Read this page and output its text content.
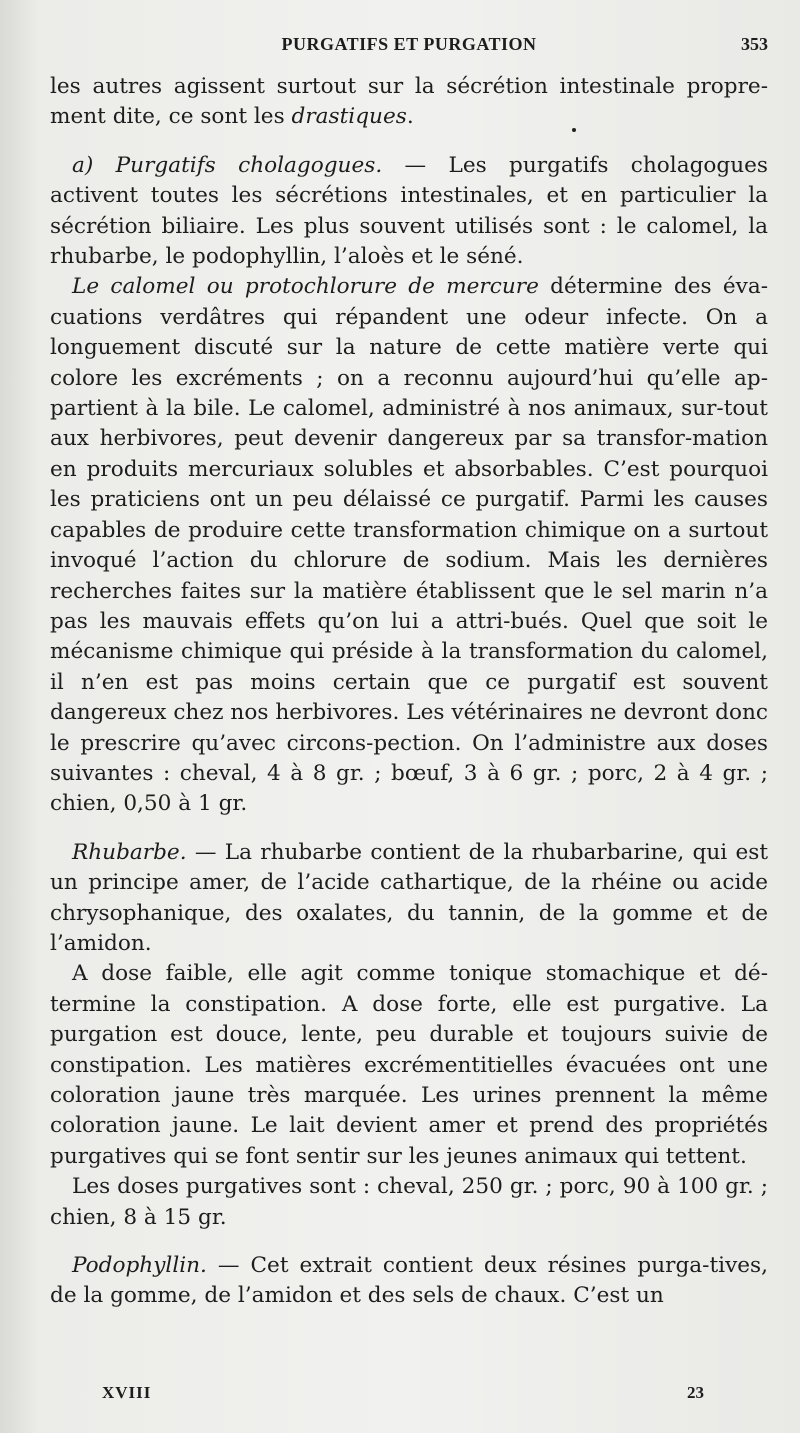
PURGATIFS ET PURGATION	353

les autres agissent surtout sur la sécrétion intestinale propre-ment dite, ce sont les drastiques.

a) Purgatifs cholagogues. — Les purgatifs cholagogues activent toutes les sécrétions intestinales, et en particulier la sécrétion biliaire. Les plus souvent utilisés sont : le calomel, la rhubarbe, le podophyllin, l’aloès et le séné.

Le calomel ou protochlorure de mercure détermine des éva-cuations verdâtres qui répandent une odeur infecte. On a longuement discuté sur la nature de cette matière verte qui colore les excréments ; on a reconnu aujourd’hui qu’elle ap-partient à la bile. Le calomel, administré à nos animaux, sur-tout aux herbivores, peut devenir dangereux par sa transfor-mation en produits mercuriaux solubles et absorbables. C’est pourquoi les praticiens ont un peu délaissé ce purgatif. Parmi les causes capables de produire cette transformation chimique on a surtout invoqué l’action du chlorure de sodium. Mais les dernières recherches faites sur la matière établissent que le sel marin n’a pas les mauvais effets qu’on lui a attri-bués. Quel que soit le mécanisme chimique qui préside à la transformation du calomel, il n’en est pas moins certain que ce purgatif est souvent dangereux chez nos herbivores. Les vétérinaires ne devront donc le prescrire qu’avec circons-pection. On l’administre aux doses suivantes : cheval, 4 à 8 gr. ; bœuf, 3 à 6 gr. ; porc, 2 à 4 gr. ; chien, 0,50 à 1 gr.

Rhubarbe. — La rhubarbe contient de la rhubarbarine, qui est un principe amer, de l’acide cathartique, de la rhéine ou acide chrysophanique, des oxalates, du tannin, de la gomme et de l’amidon.

A dose faible, elle agit comme tonique stomachique et dé-termine la constipation. A dose forte, elle est purgative. La purgation est douce, lente, peu durable et toujours suivie de constipation. Les matières excrémentitielles évacuées ont une coloration jaune très marquée. Les urines prennent la même coloration jaune. Le lait devient amer et prend des propriétés purgatives qui se font sentir sur les jeunes animaux qui tettent.

Les doses purgatives sont : cheval, 250 gr. ; porc, 90 à 100 gr. ; chien, 8 à 15 gr.

Podophyllin. — Cet extrait contient deux résines purga-tives, de la gomme, de l’amidon et des sels de chaux. C’est un

XVIII	23
